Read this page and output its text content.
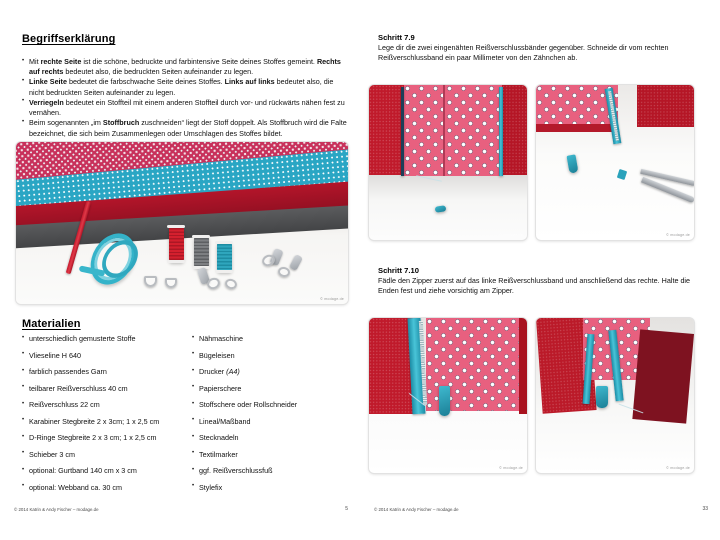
Begriffserklärung
• Mit rechte Seite ist die schöne, bedruckte und farbintensive Seite deines Stoffes gemeint. Rechts auf rechts bedeutet also, die bedruckten Seiten aufeinander zu legen.
• Linke Seite bedeutet die farbschwache Seite deines Stoffes. Links auf links bedeutet also, die nicht bedruckten Seiten aufeinander zu legen.
• Verriegeln bedeutet ein Stoffteil mit einem anderen Stoffteil durch vor- und rückwärts nähen fest zu vernähen.
• Beim sogenannten „im Stoffbruch zuschneiden“ liegt der Stoff doppelt. Als Stoffbruch wird die Falte bezeichnet, die sich beim Zusammenlegen oder Umschlagen des Stoffes bildet.
© modage.de
Materialien
• unterschiedlich gemusterte Stoffe
• Vlieseline H 640
• farblich passendes Garn
• teilbarer Reißverschluss 40 cm
• Reißverschluss 22 cm
• Karabiner Stegbreite 2 x 3cm; 1 x 2,5 cm
• D-Ringe Stegbreite 2 x 3 cm; 1 x 2,5 cm
• Schieber 3 cm
• optional: Gurtband 140 cm x 3 cm
• optional: Webband ca. 30 cm
• Nähmaschine
• Bügeleisen
• Drucker (A4)
• Papierschere
• Stoffschere oder Rollschneider
• Lineal/Maßband
• Stecknadeln
• Textilmarker
• ggf. Reißverschlussfuß
• Stylefix
© 2014 Katrin & Andy Fischer – modage.de	5
Schritt 7.9
Lege dir die zwei eingenähten Reißverschlussbänder gegenüber. Schneide dir vom rechten Reißverschlussband ein paar Millimeter von den Zähnchen ab.
© modage.de	© modage.de
Schritt 7.10
Fädle den Zipper zuerst auf das linke Reißverschlussband und anschließend das rechte. Halte die Enden fest und ziehe vorsichtig am Zipper.
© modage.de	© modage.de
© 2014 Katrin & Andy Fischer – modage.de	33
